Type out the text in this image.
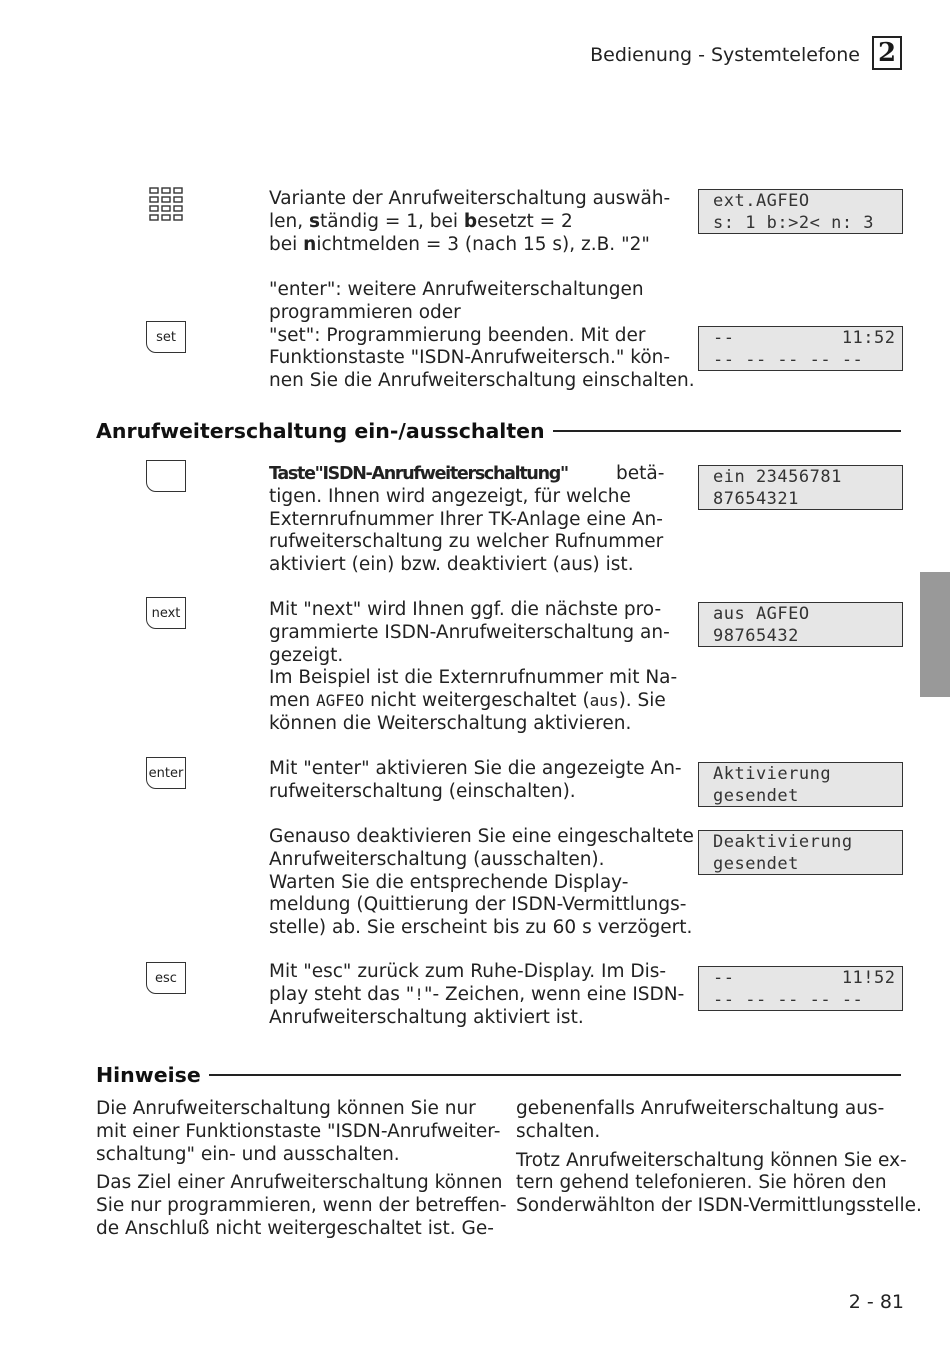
Bedienung - Systemtelefone 2
Variante der Anrufweiterschaltung auswäh-
len, ständig = 1, bei besetzt = 2
bei nichtmelden = 3 (nach 15 s), z.B. "2"
ext.AGFEO
s: 1 b:>2< n: 3
set
"enter": weitere Anrufweiterschaltungen
programmieren oder
"set": Programmierung beenden. Mit der
Funktionstaste "ISDN-Anrufweitersch." kön-
nen Sie die Anrufweiterschaltung einschalten.
--          11:52
-- -- -- -- --
Anrufweiterschaltung ein-/ausschalten
Taste"ISDN-Anrufweiterschaltung"	betä-
tigen. Ihnen wird angezeigt, für welche
Externrufnummer Ihrer TK-Anlage eine An-
rufweiterschaltung zu welcher Rufnummer
aktiviert (ein) bzw. deaktiviert (aus) ist.
ein 23456781
87654321
next	Mit "next" wird Ihnen ggf. die nächste pro-
grammierte ISDN-Anrufweiterschaltung an-
gezeigt.
Im Beispiel ist die Externrufnummer mit Na-
men AGFEO nicht weitergeschaltet (aus). Sie
können die Weiterschaltung aktivieren.
aus AGFEO
98765432
enter	Mit "enter" aktivieren Sie die angezeigte An-
rufweiterschaltung (einschalten).
Aktivierung
gesendet
Genauso deaktivieren Sie eine eingeschaltete
Anrufweiterschaltung (ausschalten).
Warten Sie die entsprechende Display-
meldung (Quittierung der ISDN-Vermittlungs-
stelle) ab. Sie erscheint bis zu 60 s verzögert.
Deaktivierung
gesendet
esc	Mit "esc" zurück zum Ruhe-Display. Im Dis-
play steht das "!"- Zeichen, wenn eine ISDN-
Anrufweiterschaltung aktiviert ist.
--          11!52
-- -- -- -- --
Hinweise
Die Anrufweiterschaltung können Sie nur
mit einer Funktionstaste "ISDN-Anrufweiter-
schaltung" ein- und ausschalten.
Das Ziel einer Anrufweiterschaltung können
Sie nur programmieren, wenn der betreffen-
de Anschluß nicht weitergeschaltet ist. Ge-
gebenenfalls Anrufweiterschaltung aus-
schalten.
Trotz Anrufweiterschaltung können Sie ex-
tern gehend telefonieren. Sie hören den
Sonderwählton der ISDN-Vermittlungsstelle.
2 - 81
